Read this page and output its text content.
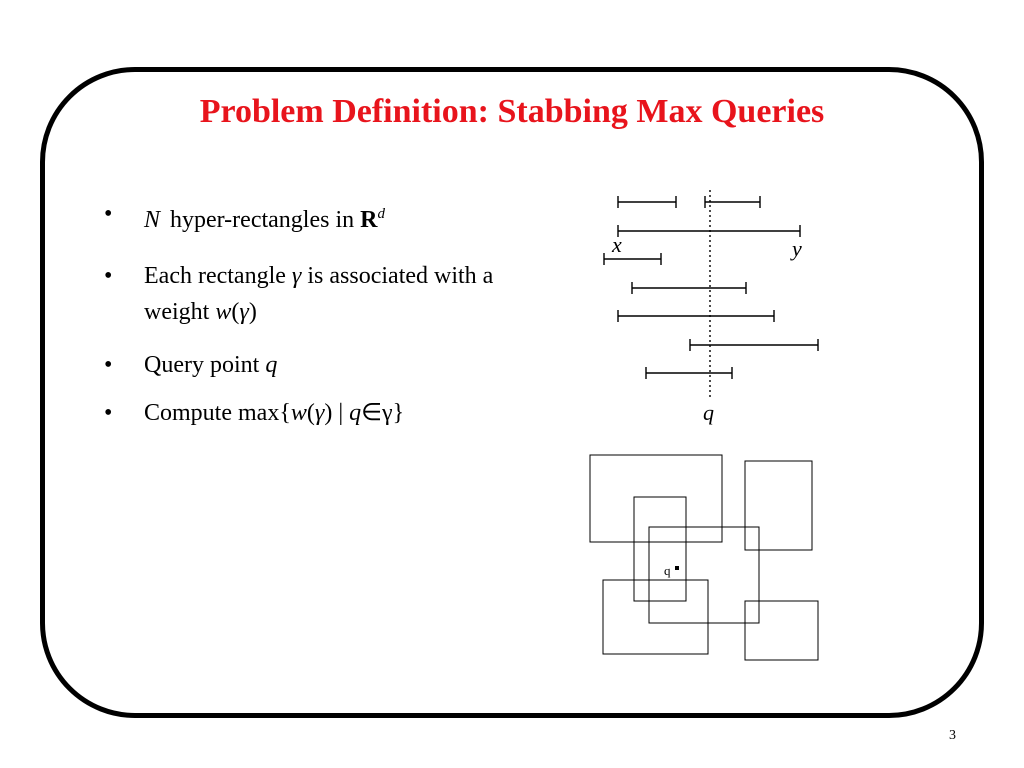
Problem Definition: Stabbing Max Queries
• N hyper-rectangles in $R^d$
• Each rectangle γ is associated with a weight w(γ)
• Query point q
• Compute max{w(γ) | q∈γ}
x	y
q
q
3
